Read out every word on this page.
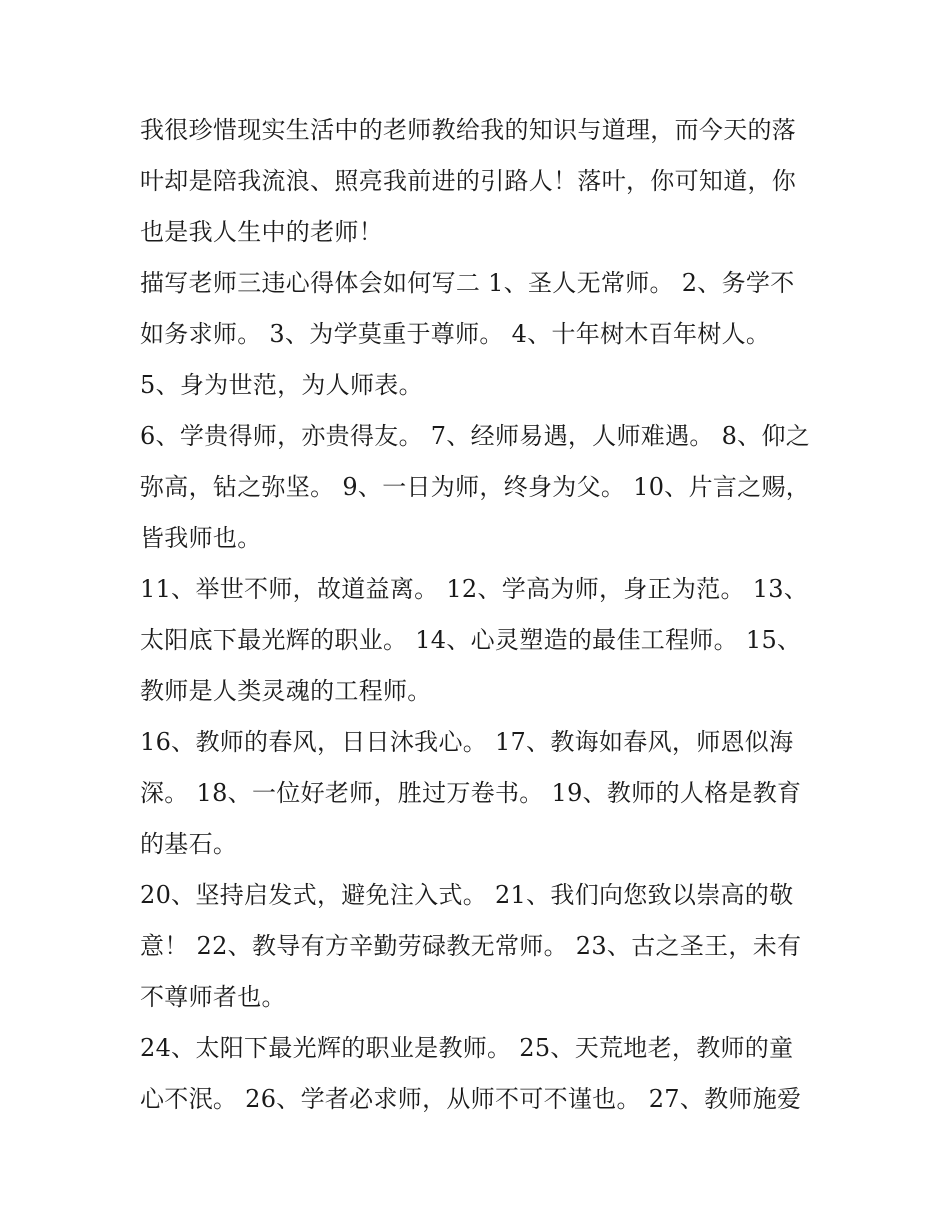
我很珍惜现实生活中的老师教给我的知识与道理，而今天的落叶却是陪我流浪、照亮我前进的引路人！落叶，你可知道，你也是我人生中的老师！

描写老师三违心得体会如何写二 1、圣人无常师。 2、务学不如务求师。 3、为学莫重于尊师。 4、十年树木百年树人。

5、身为世范，为人师表。

6、学贵得师，亦贵得友。 7、经师易遇，人师难遇。 8、仰之弥高，钻之弥坚。 9、一日为师，终身为父。 10、片言之赐，皆我师也。

11、举世不师，故道益离。 12、学高为师，身正为范。 13、太阳底下最光辉的职业。 14、心灵塑造的最佳工程师。 15、教师是人类灵魂的工程师。

16、教师的春风，日日沐我心。 17、教诲如春风，师恩似海深。 18、一位好老师，胜过万卷书。 19、教师的人格是教育的基石。

20、坚持启发式，避免注入式。 21、我们向您致以崇高的敬意！ 22、教导有方辛勤劳碌教无常师。 23、古之圣王，未有不尊师者也。

24、太阳下最光辉的职业是教师。 25、天荒地老，教师的童心不泯。 26、学者必求师，从师不可不谨也。 27、教师施爱
